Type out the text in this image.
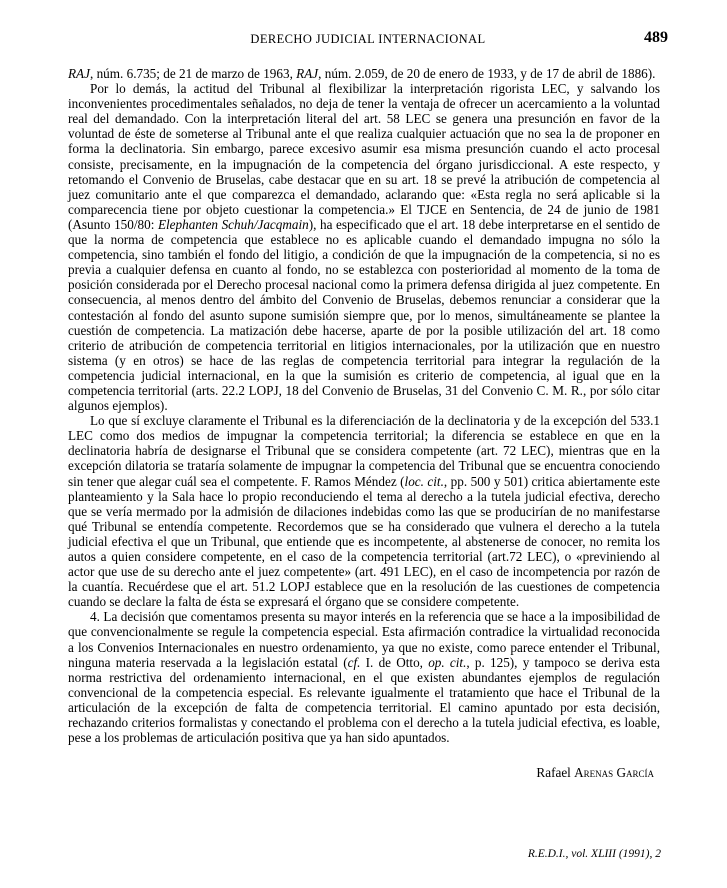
DERECHO JUDICIAL INTERNACIONAL	489

RAJ, núm. 6.735; de 21 de marzo de 1963, RAJ, núm. 2.059, de 20 de enero de 1933, y de 17 de abril de 1886).

Por lo demás, la actitud del Tribunal al flexibilizar la interpretación rigorista LEC, y salvando los inconvenientes procedimentales señalados, no deja de tener la ventaja de ofrecer un acercamiento a la voluntad real del demandado. Con la interpretación literal del art. 58 LEC se genera una presunción en favor de la voluntad de éste de someterse al Tribunal ante el que realiza cualquier actuación que no sea la de proponer en forma la declinatoria. Sin embargo, parece excesivo asumir esa misma presunción cuando el acto procesal consiste, precisamente, en la impugnación de la competencia del órgano jurisdiccional. A este respecto, y retomando el Convenio de Bruselas, cabe destacar que en su art. 18 se prevé la atribución de competencia al juez comunitario ante el que comparezca el demandado, aclarando que: «Esta regla no será aplicable si la comparecencia tiene por objeto cuestionar la competencia.» El TJCE en Sentencia, de 24 de junio de 1981 (Asunto 150/80: Elephanten Schuh/Jacqmain), ha especificado que el art. 18 debe interpretarse en el sentido de que la norma de competencia que establece no es aplicable cuando el demandado impugna no sólo la competencia, sino también el fondo del litigio, a condición de que la impugnación de la competencia, si no es previa a cualquier defensa en cuanto al fondo, no se establezca con posterioridad al momento de la toma de posición considerada por el Derecho procesal nacional como la primera defensa dirigida al juez competente. En consecuencia, al menos dentro del ámbito del Convenio de Bruselas, debemos renunciar a considerar que la contestación al fondo del asunto supone sumisión siempre que, por lo menos, simultáneamente se plantee la cuestión de competencia. La matización debe hacerse, aparte de por la posible utilización del art. 18 como criterio de atribución de competencia territorial en litigios internacionales, por la utilización que en nuestro sistema (y en otros) se hace de las reglas de competencia territorial para integrar la regulación de la competencia judicial internacional, en la que la sumisión es criterio de competencia, al igual que en la competencia territorial (arts. 22.2 LOPJ, 18 del Convenio de Bruselas, 31 del Convenio C. M. R., por sólo citar algunos ejemplos).

Lo que sí excluye claramente el Tribunal es la diferenciación de la declinatoria y de la excepción del 533.1 LEC como dos medios de impugnar la competencia territorial; la diferencia se establece en que en la declinatoria habría de designarse el Tribunal que se considera competente (art. 72 LEC), mientras que en la excepción dilatoria se trataría solamente de impugnar la competencia del Tribunal que se encuentra conociendo sin tener que alegar cuál sea el competente. F. Ramos Méndez (loc. cit., pp. 500 y 501) critica abiertamente este planteamiento y la Sala hace lo propio reconduciendo el tema al derecho a la tutela judicial efectiva, derecho que se vería mermado por la admisión de dilaciones indebidas como las que se producirían de no manifestarse qué Tribunal se entendía competente. Recordemos que se ha considerado que vulnera el derecho a la tutela judicial efectiva el que un Tribunal, que entiende que es incompetente, al abstenerse de conocer, no remita los autos a quien considere competente, en el caso de la competencia territorial (art.72 LEC), o «previniendo al actor que use de su derecho ante el juez competente» (art. 491 LEC), en el caso de incompetencia por razón de la cuantía. Recuérdese que el art. 51.2 LOPJ establece que en la resolución de las cuestiones de competencia cuando se declare la falta de ésta se expresará el órgano que se considere competente.

4. La decisión que comentamos presenta su mayor interés en la referencia que se hace a la imposibilidad de que convencionalmente se regule la competencia especial. Esta afirmación contradice la virtualidad reconocida a los Convenios Internacionales en nuestro ordenamiento, ya que no existe, como parece entender el Tribunal, ninguna materia reservada a la legislación estatal (cf. I. de Otto, op. cit., p. 125), y tampoco se deriva esta norma restrictiva del ordenamiento internacional, en el que existen abundantes ejemplos de regulación convencional de la competencia especial. Es relevante igualmente el tratamiento que hace el Tribunal de la articulación de la excepción de falta de competencia territorial. El camino apuntado por esta decisión, rechazando criterios formalistas y conectando el problema con el derecho a la tutela judicial efectiva, es loable, pese a los problemas de articulación positiva que ya han sido apuntados.

Rafael Arenas García
R.E.D.I., vol. XLIII (1991), 2
